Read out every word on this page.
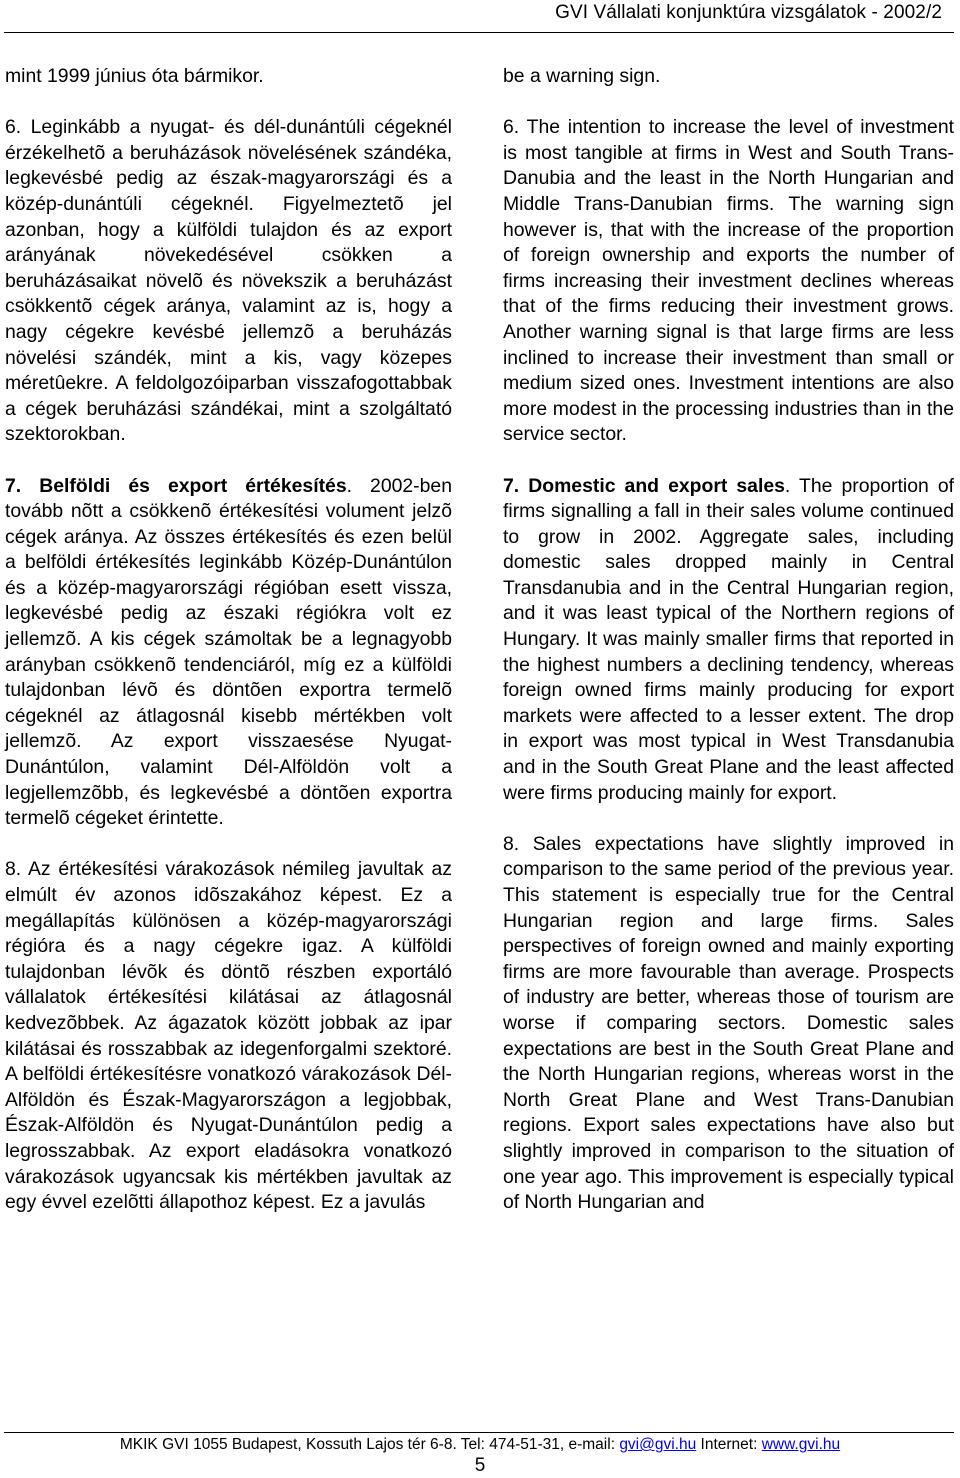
GVI Vállalati konjunktúra vizsgálatok - 2002/2

mint 1999 június óta bármikor.

6. Leginkább a nyugat- és dél-dunántúli cégeknél érzékelhetõ a beruházások növelésének szándéka, legkevésbé pedig az észak-magyarországi és a közép-dunántúli cégeknél. Figyelmeztetõ jel azonban, hogy a külföldi tulajdon és az export arányának növekedésével csökken a beruházásaikat növelõ és növekszik a beruházást csökkentõ cégek aránya, valamint az is, hogy a nagy cégekre kevésbé jellemzõ a beruházás növelési szándék, mint a kis, vagy közepes méretûekre. A feldolgozóiparban visszafogottabbak a cégek beruházási szándékai, mint a szolgáltató szektorokban.

7. Belföldi és export értékesítés. 2002-ben tovább nõtt a csökkenõ értékesítési volument jelzõ cégek aránya. Az összes értékesítés és ezen belül a belföldi értékesítés leginkább Közép-Dunántúlon és a közép-magyarországi régióban esett vissza, legkevésbé pedig az északi régiókra volt ez jellemzõ. A kis cégek számoltak be a legnagyobb arányban csökkenõ tendenciáról, míg ez a külföldi tulajdonban lévõ és döntõen exportra termelõ cégeknél az átlagosnál kisebb mértékben volt jellemzõ. Az export visszaesése Nyugat-Dunántúlon, valamint Dél-Alföldön volt a legjellemzõbb, és legkevésbé a döntõen exportra termelõ cégeket érintette.

8. Az értékesítési várakozások némileg javultak az elmúlt év azonos idõszakához képest. Ez a megállapítás különösen a közép-magyarországi régióra és a nagy cégekre igaz. A külföldi tulajdonban lévõk és döntõ részben exportáló vállalatok értékesítési kilátásai az átlagosnál kedvezõbbek. Az ágazatok között jobbak az ipar kilátásai és rosszabbak az idegenforgalmi szektoré. A belföldi értékesítésre vonatkozó várakozások Dél-Alföldön és Észak-Magyarországon a legjobbak, Észak-Alföldön és Nyugat-Dunántúlon pedig a legrosszabbak. Az export eladásokra vonatkozó várakozások ugyancsak kis mértékben javultak az egy évvel ezelõtti állapothoz képest. Ez a javulás

be a warning sign.

6. The intention to increase the level of investment is most tangible at firms in West and South Trans-Danubia and the least in the North Hungarian and Middle Trans-Danubian firms. The warning sign however is, that with the increase of the proportion of foreign ownership and exports the number of firms increasing their investment declines whereas that of the firms reducing their investment grows. Another warning signal is that large firms are less inclined to increase their investment than small or medium sized ones. Investment intentions are also more modest in the processing industries than in the service sector.

7. Domestic and export sales. The proportion of firms signalling a fall in their sales volume continued to grow in 2002. Aggregate sales, including domestic sales dropped mainly in Central Transdanubia and in the Central Hungarian region, and it was least typical of the Northern regions of Hungary. It was mainly smaller firms that reported in the highest numbers a declining tendency, whereas foreign owned firms mainly producing for export markets were affected to a lesser extent. The drop in export was most typical in West Transdanubia and in the South Great Plane and the least affected were firms producing mainly for export.

8. Sales expectations have slightly improved in comparison to the same period of the previous year. This statement is especially true for the Central Hungarian region and large firms. Sales perspectives of foreign owned and mainly exporting firms are more favourable than average. Prospects of industry are better, whereas those of tourism are worse if comparing sectors. Domestic sales expectations are best in the South Great Plane and the North Hungarian regions, whereas worst in the North Great Plane and West Trans-Danubian regions. Export sales expectations have also but slightly improved in comparison to the situation of one year ago. This improvement is especially typical of North Hungarian and

MKIK GVI 1055 Budapest, Kossuth Lajos tér 6-8. Tel: 474-51-31, e-mail: gvi@gvi.hu Internet: www.gvi.hu
5
